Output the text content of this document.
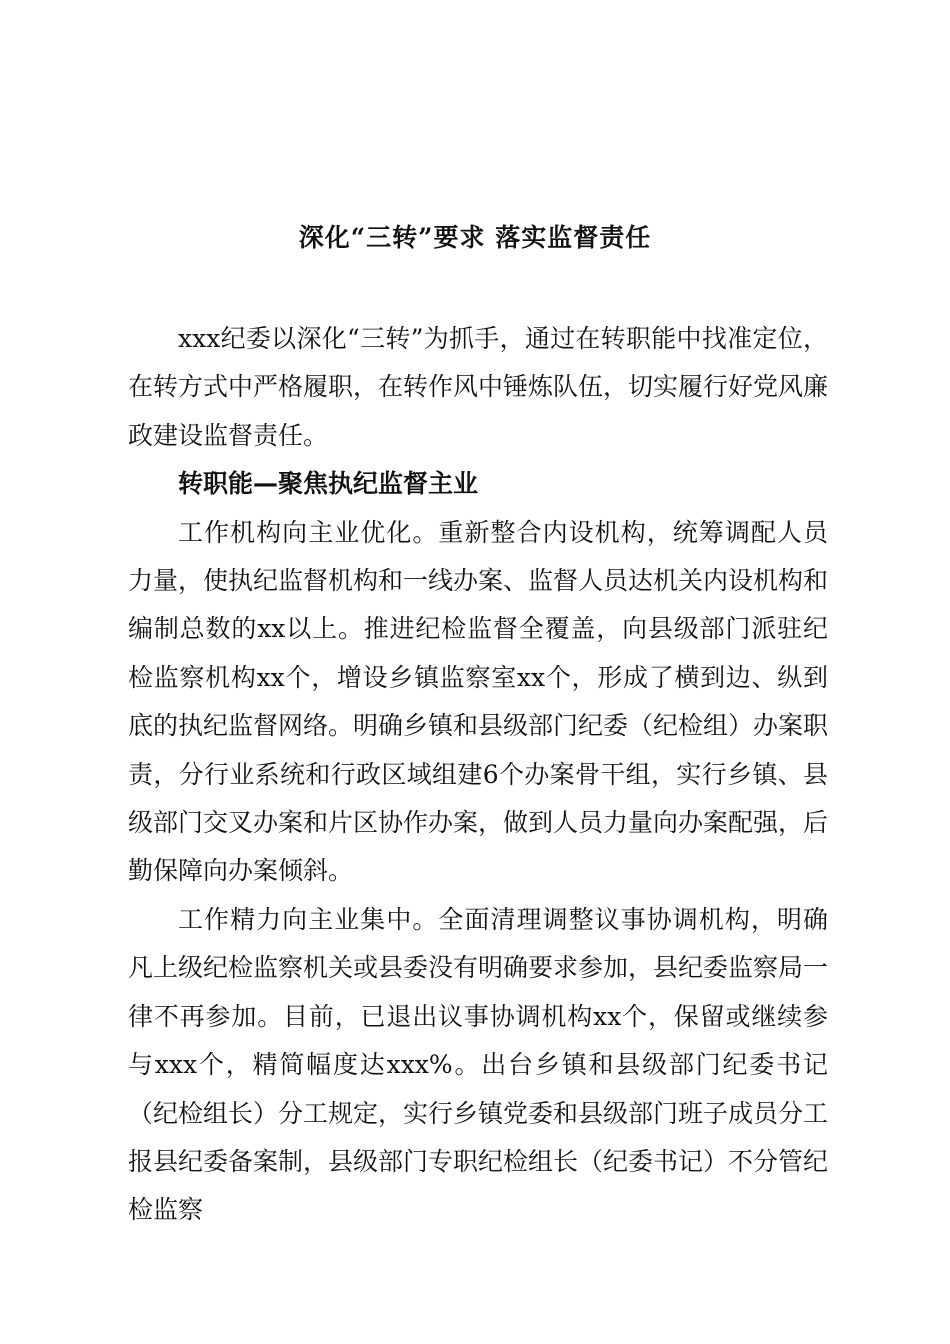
深化“三转”要求 落实监督责任

xxx纪委以深化“三转”为抓手，通过在转职能中找准定位，在转方式中严格履职，在转作风中锤炼队伍，切实履行好党风廉政建设监督责任。

转职能—聚焦执纪监督主业

工作机构向主业优化。重新整合内设机构，统筹调配人员力量，使执纪监督机构和一线办案、监督人员达机关内设机构和编制总数的xx以上。推进纪检监督全覆盖，向县级部门派驻纪检监察机构xx个，增设乡镇监察室xx个，形成了横到边、纵到底的执纪监督网络。明确乡镇和县级部门纪委（纪检组）办案职责，分行业系统和行政区域组建6个办案骨干组，实行乡镇、县级部门交叉办案和片区协作办案，做到人员力量向办案配强，后勤保障向办案倾斜。

工作精力向主业集中。全面清理调整议事协调机构，明确凡上级纪检监察机关或县委没有明确要求参加，县纪委监察局一律不再参加。目前，已退出议事协调机构xx个，保留或继续参与xxx个，精简幅度达xxx%。出台乡镇和县级部门纪委书记（纪检组长）分工规定，实行乡镇党委和县级部门班子成员分工报县纪委备案制，县级部门专职纪检组长（纪委书记）不分管纪检监察
